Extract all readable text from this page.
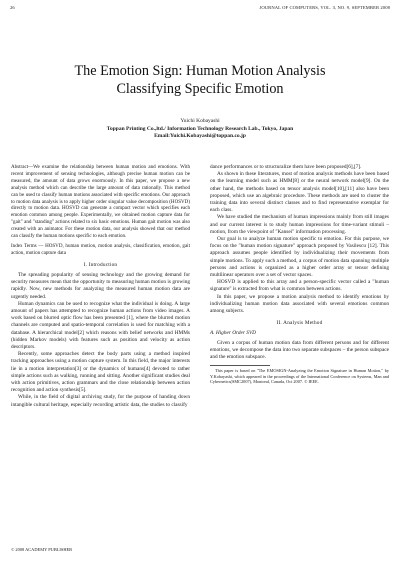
26	JOURNAL OF COMPUTERS, VOL. 3, NO. 9, SEPTEMBER 2008
The Emotion Sign: Human Motion Analysis
Classifying Specific Emotion
Yuichi Kobayashi
Toppan Printing Co.,ltd./ Information Technology Research Lab., Tokyo, Japan
Email:Yuichi.Kobayashi@toppan.co.jp

Abstract—We examine the relationship between human motion and emotions. With recent improvement of sensing technologies, although precise human motion can be measured, the amount of data grows enormously. In this paper, we propose a new analysis method which can describe the large amount of data rationally. This method can be used to classify human motions associated with specific emotions. Our approach to motion data analysis is to apply higher order singular value decomposition (HOSVD) directly to motion data. HOSVD can generate a compact vector which specifies each emotion common among people. Experimentally, we obtained motion capture data for "gait" and "standing" actions related to six basic emotions. Human gait motion was also created with an animator. For these motion data, our analysis showed that our method can classify the human motions specific to each emotion.

Index Terms — HOSVD, human motion, motion analysis, classification, emotion, gait action, motion capture data

I. Introduction

The spreading popularity of sensing technology and the growing demand for security measures mean that the opportunity to measuring human motion is growing rapidly. Now, new methods for analyzing the measured human motion data are urgently needed.

Human dynamics can be used to recognize what the individual is doing. A large amount of papers has attempted to recognize human actions from video images. A work based on blurred optic flow has been presented [1], where the blurred motion channels are computed and spatio-temporal correlation is used for matching with a database. A hierarchical model[2] which reasons with belief networks and HMMs (hidden Markov models) with features such as position and velocity as action descriptors.

Recently, some approaches detect the body parts using a method inspired tracking approaches using a motion capture system. In this field, the major interests lie in a motion interpretation[3] or the dynamics of humans[4] devoted to rather simple actions such as walking, running and sitting. Another significant studies deal with action primitives, action grammars and the close relationship between action recognition and action synthesis[5].

While, in the field of digital archiving study, for the purpose of handing down intangible cultural heritage, especially recording artistic data, the studies to classify

dance performances or to structuralize them have been proposed[6],[7].

As shown in these literatures, most of motion analysis methods have been based on the learning model such as HMM[8] or the neural network model[9]. On the other hand, the methods based on tensor analysis model[10],[11] also have been proposed, which use an algebraic procedure. These methods are used to cluster the training data into several distinct classes and to find representative exemplar for each class.

We have studied the mechanism of human impressions mainly from still images and our current interest is to study human impressions for time-variant stimuli – motion, from the viewpoint of "Kansei" information processing.

Our goal is to analyze human motion specific to emotion. For this purpose, we focus on the "human motion signature" approach proposed by Vasilescu [12]. This approach assumes people identified by individualizing their movements from simple motions. To apply such a method, a corpus of motion data spanning multiple persons and actions is organized as a higher order array or tensor defining multilinear operators over a set of vector spaces.

HOSVD is applied to this array and a person-specific vector called a "human signature" is extracted from what is common between actions.

In this paper, we propose a motion analysis method to identify emotions by individualizing human motion data associated with several emotions common among subjects.

II. Analysis Method
A. Higher Order SVD

Given a corpus of human motion data from different persons and for different emotions, we decompose the data into two separate subspaces – the person subspace and the emotion subspace.

This paper is based on "The EMOSIGN-Analyzing the Emotion Signature in Human Motion," by Y.Kobayashi, which appeared in the proceedings of the International Conference on Systems, Man and Cybernetics(SMC2007), Montreal, Canada, Oct 2007. © IEEE.

© 2008 ACADEMY PUBLISHER
